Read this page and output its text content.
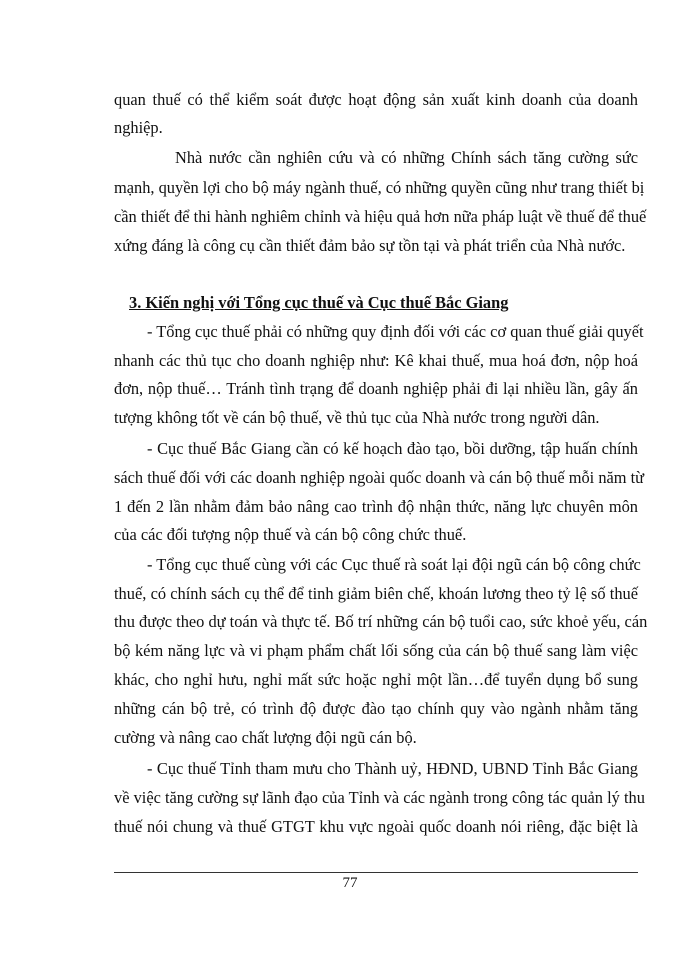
quan thuế có thể kiểm soát được hoạt động sản xuất kinh doanh của doanh
nghiệp.
Nhà nước cần nghiên cứu và có những Chính sách tăng cường sức
mạnh, quyền lợi cho bộ máy ngành thuế, có những quyền cũng như trang thiết bị
cần thiết để thi hành nghiêm chỉnh và hiệu quả hơn nữa pháp luật về thuế để thuế
xứng đáng là công cụ cần thiết đảm bảo sự tồn tại và phát triển của Nhà nước.
3. Kiến nghị với Tổng cục thuế và Cục thuế Bắc Giang
- Tổng cục thuế phải có những quy định đối với các cơ quan thuế giải quyết
nhanh các thủ tục cho doanh nghiệp như: Kê khai thuế, mua hoá đơn, nộp hoá
đơn, nộp thuế… Tránh tình trạng để doanh nghiệp phải đi lại nhiều lần, gây ấn
tượng không tốt về cán bộ thuế, về thủ tục của Nhà nước trong người dân.
- Cục thuế Bắc Giang cần có kế hoạch đào tạo, bồi dưỡng, tập huấn chính
sách thuế đối với các doanh nghiệp ngoài quốc doanh và cán bộ thuế mỗi năm từ
1 đến 2 lần nhằm đảm bảo nâng cao trình độ nhận thức, năng lực chuyên môn
của các đối tượng nộp thuế và cán bộ công chức thuế.
- Tổng cục thuế cùng với các Cục thuế rà soát lại đội ngũ cán bộ công chức
thuế, có chính sách cụ thể để tinh giảm biên chế, khoán lương theo tỷ lệ số thuế
thu được theo dự toán và thực tế. Bố trí những cán bộ tuổi cao, sức khoẻ yếu, cán
bộ kém năng lực và vi phạm phẩm chất lối sống của cán bộ thuế sang làm việc
khác, cho nghỉ hưu, nghỉ mất sức hoặc nghỉ một lần…để tuyển dụng bổ sung
những cán bộ trẻ, có trình độ được đào tạo chính quy vào ngành nhằm tăng
cường và nâng cao chất lượng đội ngũ cán bộ.
- Cục thuế Tỉnh tham mưu cho Thành uỷ, HĐND, UBND Tỉnh Bắc Giang
về việc tăng cường sự lãnh đạo của Tỉnh và các ngành trong công tác quản lý thu
thuế nói chung và thuế GTGT khu vực ngoài quốc doanh nói riêng, đặc biệt là
77
